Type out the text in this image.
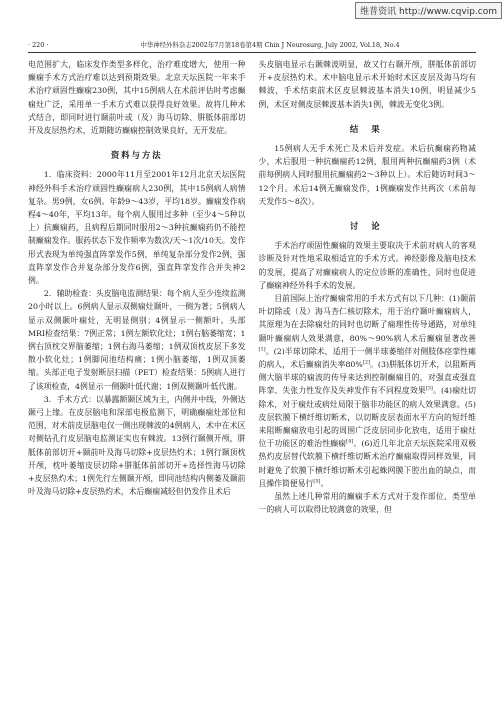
维普资讯 http://www.cqvip.com
· 220 ·	中华神经外科杂志2002年7月第18卷第4期 Chin J Neurosurg, July 2002, Vol.18, No.4

电范围扩大，临床发作类型多样化，治疗难度增大，使用一种癫痫手术方式治疗难以达到预期效果。北京天坛医院一年来手术治疗顽固性癫痫230例，其中15例病人在术前评估时考虑癫痫灶广泛，采用单一手术方式难以获得良好效果。故将几种术式结合，即同时进行颞前叶或（及）海马切除、胼胝体前部切开及皮层热灼术，近期随访癫痫控制效果良好，无开发症。

资料与方法

1．临床资料：2000年11月至2001年12月北京天坛医院神经外科手术治疗顽固性癫痫病人230例，其中15例病人病情复杂。男9例，女6例。年龄9～43岁，平均18岁。癫痫发作病程4～40年，平均13年。每个病人服用过多种（至少4～5种以上）抗癫痫药，且病程后期同时服用2～3种抗癫痫药仍不能控制癫痫发作。服药状态下发作频率为数次/天～1次/10天。发作形式表现为单纯强直阵挛发作5例，单纯复杂部分发作2例，强直阵挛发作合并复杂部分发作6例，强直阵挛发作合并失神2例。

2．辅助检查：头皮脑电监测结果：每个病人至少连续监测20小时以上。6例病人显示双侧痫灶颞叶，一侧为著；5例病人显示双侧颞叶痫灶，无明显侧别；4例显示一侧额叶。头部MRI检查结果：7例正常；1例左额软化灶；1例右脑萎缩宽；1例右顶枕交界脑萎缩；1例右海马萎缩；1例双顶枕皮层下多发散小软化灶；1例脚间池结构痛；1例小脑萎缩，1例双顶萎缩。头部正电子发射断层扫描（PET）检查结果：5例病人进行了该项检查，4例显示一侧颞叶低代谢；1例双侧颞叶低代谢。

3．手术方式：以暴露额颞区域为主，内侧并中线，外侧达颞弓上缘。在皮层脑电和深部电极监测下，明确癫痫灶部位和范围，对术前皮层脑电仅一侧出现棘波的4例病人，术中在术区对侧钻孔行皮层脑电监测证实也有棘波。13例行颞侧开颅，胼胝体前部切开+颞前叶及海马切除+皮层热灼术；1例行颞顶枕开颅，枕叶萎缩皮层切除+胼胝体前部切开+选择性海马切除+皮层热灼术；1例先行左侧颞开颅，即同池结构内侧萎及颞前叶及海马切除+皮层热灼术，术后癫痫减轻但仍发作且术后

头皮脑电显示右颞棘波明显，故又行右颞开颅，胼胝体前部切开+皮层热灼术。术中脑电显示术开始时术区皮层及海马均有棘波，手术结束前术区皮层棘波基本消失10例，明显减少5例，术区对侧皮层棘波基本消失1例，棘波无变化3例。

结 果

15例病人无手术死亡及术后并发症。术后抗癫痫药物减少，术后服用一种抗癫痫药12例，服用两种抗癫痫药3例（术前每例病人同时服用抗癫痫药2～3种以上）。术后随访时间3～12个月。术后14例无癫痫发作，1例癫痫发作共两次（术前每天发作5～8次）。

讨 论

手术治疗顽固性癫痫的效果主要取决于术前对病人的客观诊断及针对性地采取相适宜的手术方式。神经影像及脑电技术的发展，提高了对癫痫病人的定位诊断的准确性，同时也促进了癫痫神经外科手术的发展。

目前国际上治疗癫痫常用的手术方式有以下几种：(1)颞前叶切除或（及）海马杏仁核切除术，用于治疗颞叶癫痫病人，其原理为在去除痫灶的同时也切断了痫理性传导通路，对单纯颞叶癫痫病人效果满意，80%～90%病人术后癫痫显著改善[1]。(2)半球切除术，适用于一侧半球萎缩伴对侧肢体痉挛性瘫的病人，术后癫痫消失率80%[2]。(3)胼胝体切开术，以阻断两侧大脑半球的痫波的传导来达到控制癫痫目的，对强直或强直阵挛、失张力性发作及失神发作有不同程度效果[3]。(4)痫灶切除术，对于痫灶或病灶局限于脑非功能区的病人效果满意。(5)皮层软膜下横纤维切断术，以切断皮层表面水平方向的短纤维来阻断癫痫放电引起的周围广泛皮层同步化放电，适用于痫灶位于功能区的难治性癫痫[4]。(6)近几年北京天坛医院采用双极热灼皮层替代软膜下横纤维切断术治疗癫痫取得同样效果，同时避免了软膜下横纤维切断术引起蛛网膜下腔出血的缺点，而且操作简便易行[5]。

虽然上述几种常用的癫痫手术方式对于发作部位、类型单一的病人可以取得比较满意的效果，但
